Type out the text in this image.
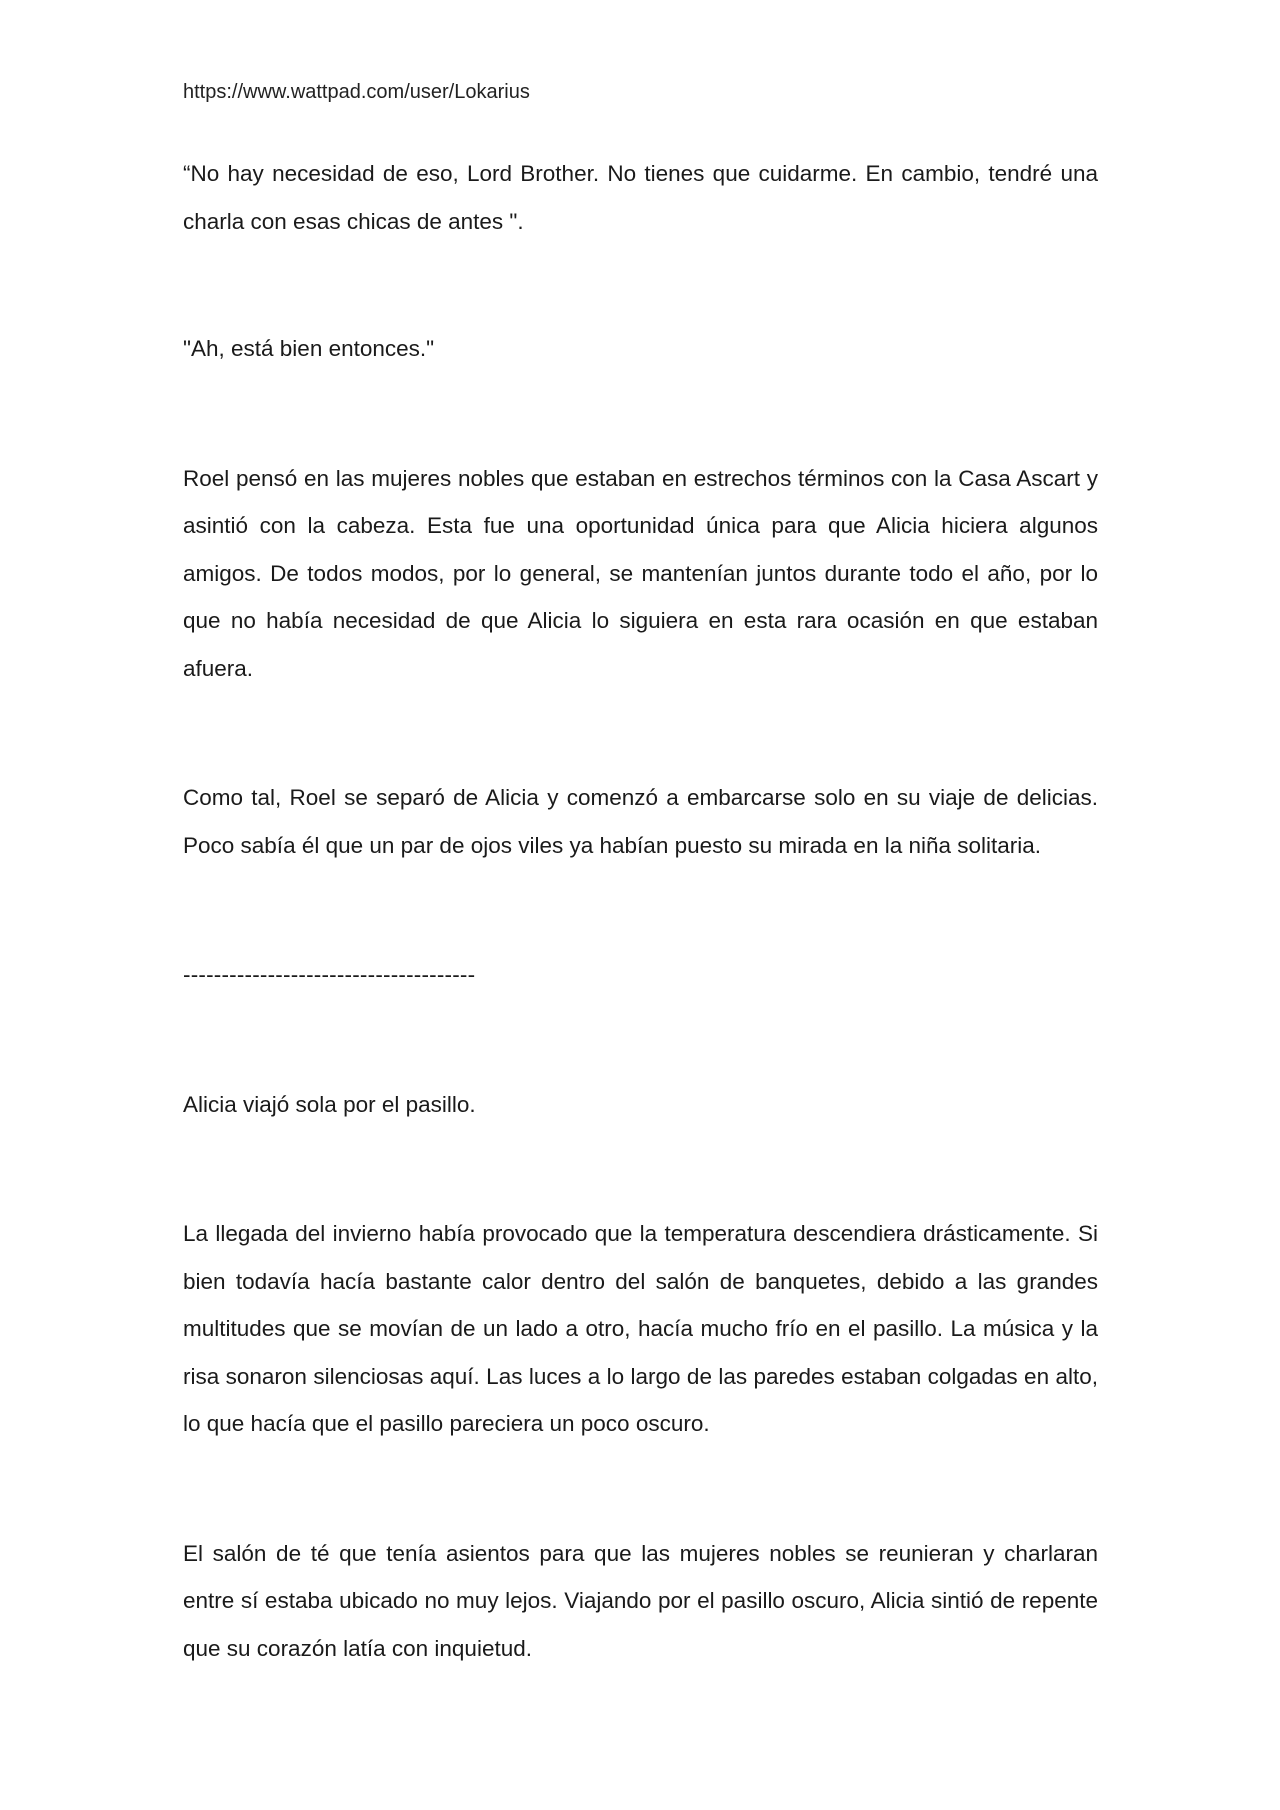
https://www.wattpad.com/user/Lokarius

“No hay necesidad de eso, Lord Brother. No tienes que cuidarme. En cambio, tendré una charla con esas chicas de antes ".

"Ah, está bien entonces."

Roel pensó en las mujeres nobles que estaban en estrechos términos con la Casa Ascart y asintió con la cabeza. Esta fue una oportunidad única para que Alicia hiciera algunos amigos. De todos modos, por lo general, se mantenían juntos durante todo el año, por lo que no había necesidad de que Alicia lo siguiera en esta rara ocasión en que estaban afuera.

Como tal, Roel se separó de Alicia y comenzó a embarcarse solo en su viaje de delicias. Poco sabía él que un par de ojos viles ya habían puesto su mirada en la niña solitaria.

--------------------------------------

Alicia viajó sola por el pasillo.

La llegada del invierno había provocado que la temperatura descendiera drásticamente. Si bien todavía hacía bastante calor dentro del salón de banquetes, debido a las grandes multitudes que se movían de un lado a otro, hacía mucho frío en el pasillo. La música y la risa sonaron silenciosas aquí. Las luces a lo largo de las paredes estaban colgadas en alto, lo que hacía que el pasillo pareciera un poco oscuro.

El salón de té que tenía asientos para que las mujeres nobles se reunieran y charlaran entre sí estaba ubicado no muy lejos. Viajando por el pasillo oscuro, Alicia sintió de repente que su corazón latía con inquietud.
